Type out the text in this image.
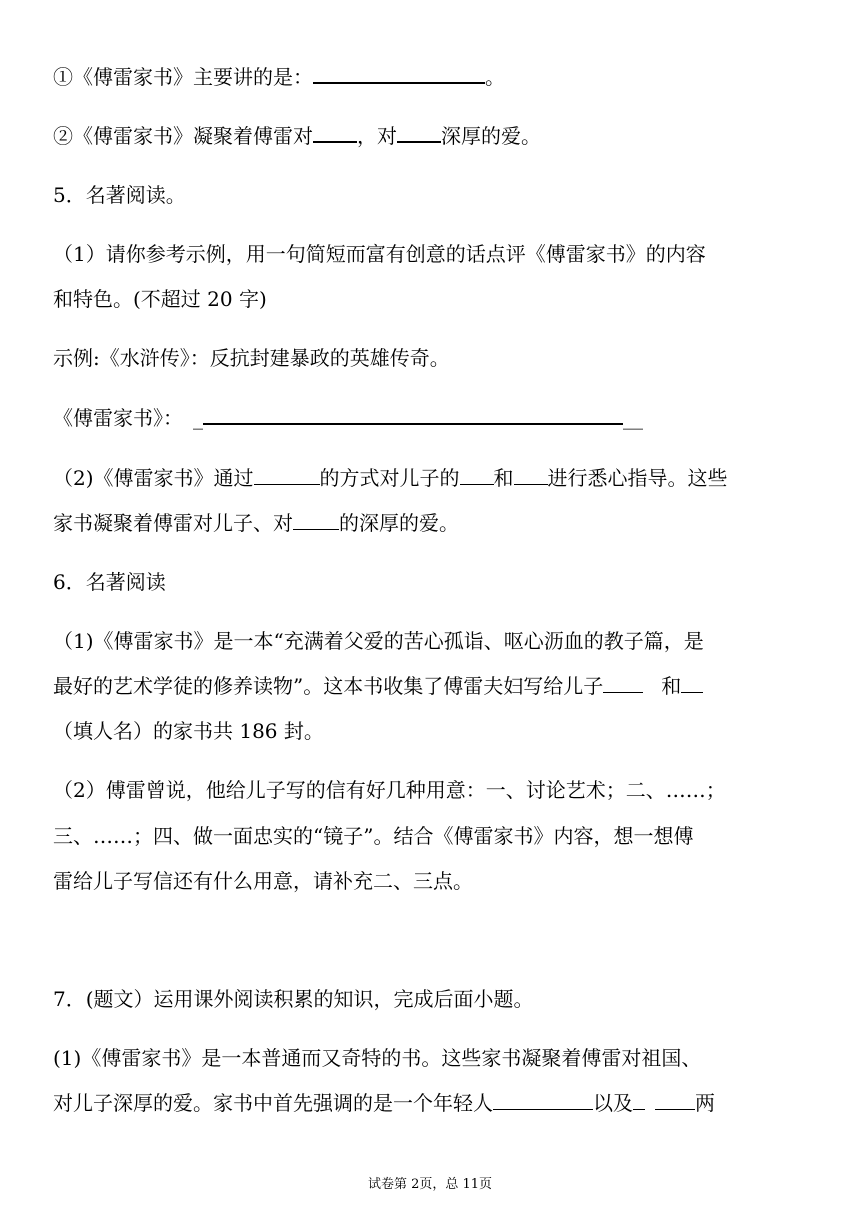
①《傅雷家书》主要讲的是：	。
②《傅雷家书》凝聚着傅雷对 ，对 深厚的爱。
5．名著阅读。
（1）请你参考示例，用一句简短而富有创意的话点评《傅雷家书》的内容
和特色。(不超过 20 字)
示例:《水浒传》：反抗封建暴政的英雄传奇。
《傅雷家书》： _	__
（2)《傅雷家书》通过	的方式对儿子的 和 进行悉心指导。这些
家书凝聚着傅雷对儿子、对 的深厚的爱。
6．名著阅读
（1)《傅雷家书》是一本“充满着父爱的苦心孤诣、呕心沥血的教子篇，是
最好的艺术学徒的修养读物”。这本书收集了傅雷夫妇写给儿子	和
（填人名）的家书共 186 封。
（2）傅雷曾说，他给儿子写的信有好几种用意：一、讨论艺术；二、……；
三、……；四、做一面忠实的“镜子”。结合《傅雷家书》内容，想一想傅
雷给儿子写信还有什么用意，请补充二、三点。
7．(题文）运用课外阅读积累的知识，完成后面小题。
(1)《傅雷家书》是一本普通而又奇特的书。这些家书凝聚着傅雷对祖国、
对儿子深厚的爱。家书中首先强调的是一个年轻人	以及	两
试卷第 2页，总 11页
